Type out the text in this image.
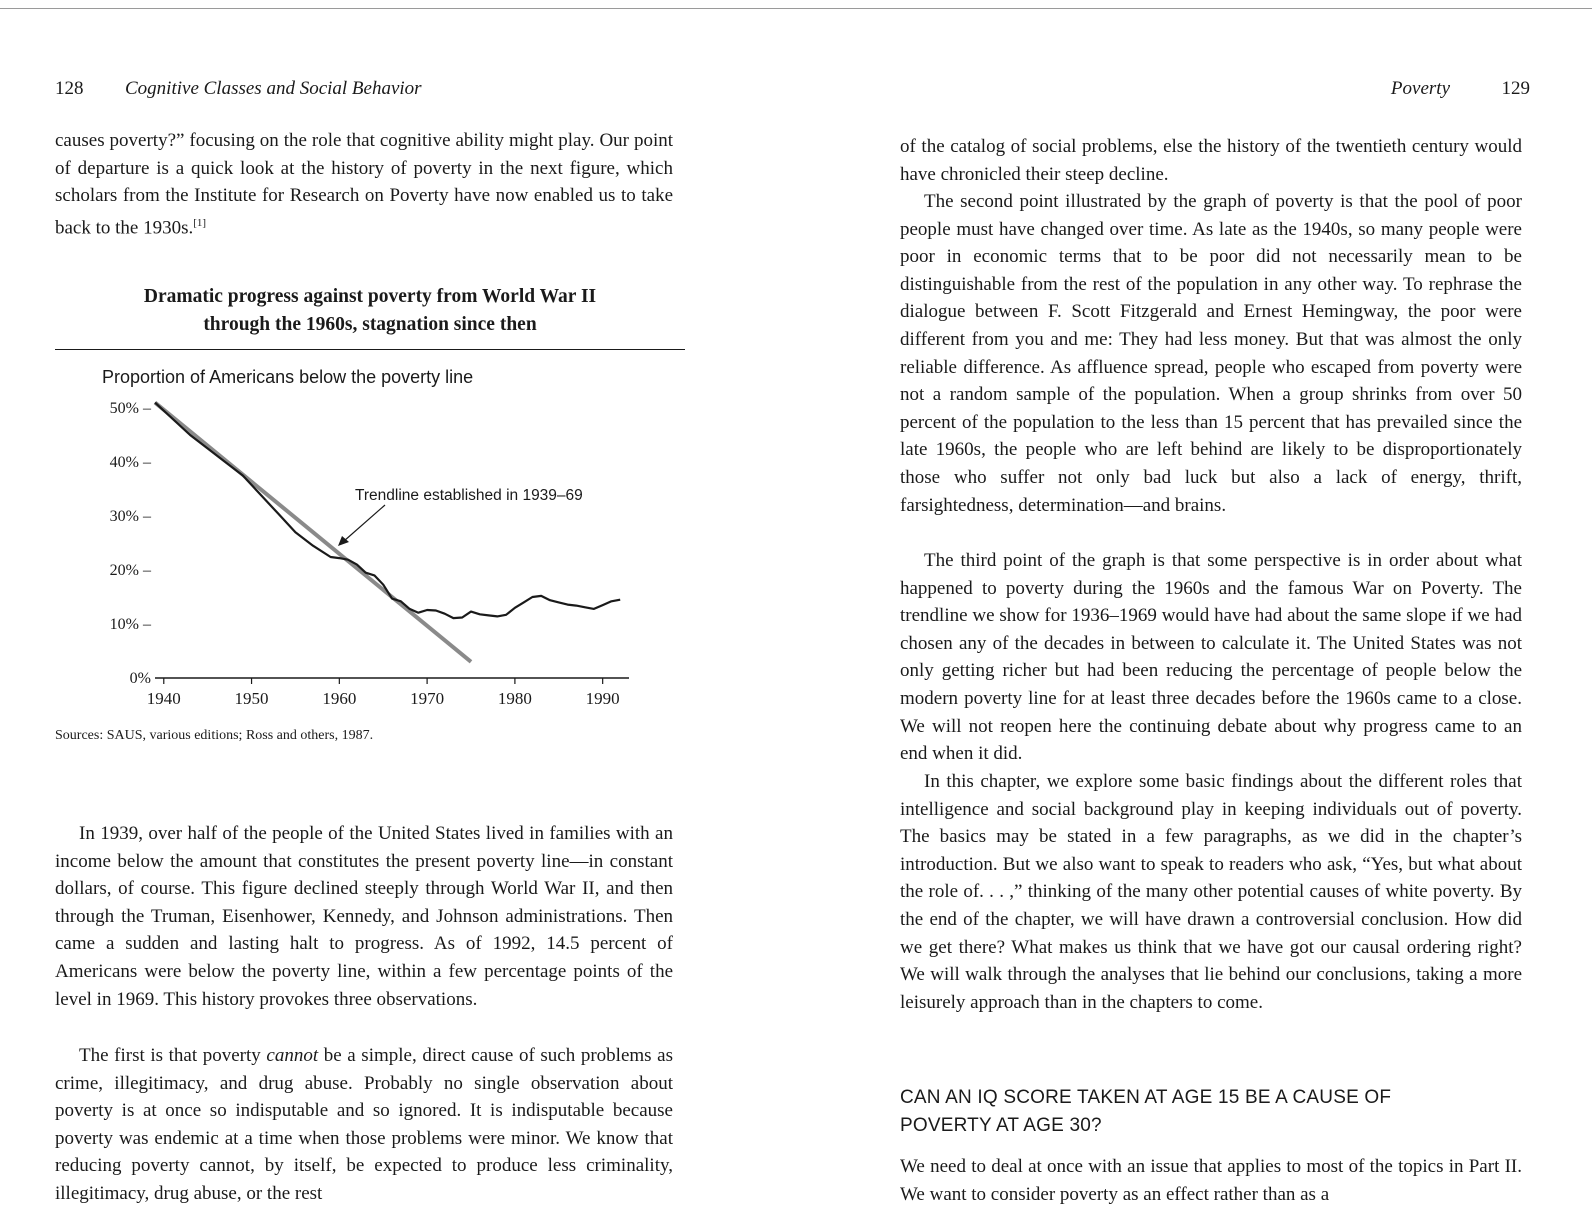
128 Cognitive Classes and Social Behavior

causes poverty?” focusing on the role that cognitive ability might play. Our point of departure is a quick look at the history of poverty in the next figure, which scholars from the Institute for Research on Poverty have now enabled us to take back to the 1930s.[1]

Dramatic progress against poverty from World War II
through the 1960s, stagnation since then
Proportion of Americans below the poverty line
1940	1950	1960	1970	1980	1990
0%
10% –
20% –
30% –
40% –
50% –
Trendline established in 1939–69
Sources: SAUS, various editions; Ross and others, 1987.

In 1939, over half of the people of the United States lived in families with an income below the amount that constitutes the present poverty line—in constant dollars, of course. This figure declined steeply through World War II, and then through the Truman, Eisenhower, Kennedy, and Johnson administrations. Then came a sudden and lasting halt to progress. As of 1992, 14.5 percent of Americans were below the poverty line, within a few percentage points of the level in 1969. This history provokes three observations.

The first is that poverty cannot be a simple, direct cause of such problems as crime, illegitimacy, and drug abuse. Probably no single observation about poverty is at once so indisputable and so ignored. It is indisputable because poverty was endemic at a time when those problems were minor. We know that reducing poverty cannot, by itself, be expected to produce less criminality, illegitimacy, drug abuse, or the rest

Poverty	129

of the catalog of social problems, else the history of the twentieth century would have chronicled their steep decline.

The second point illustrated by the graph of poverty is that the pool of poor people must have changed over time. As late as the 1940s, so many people were poor in economic terms that to be poor did not necessarily mean to be distinguishable from the rest of the population in any other way. To rephrase the dialogue between F. Scott Fitzgerald and Ernest Hemingway, the poor were different from you and me: They had less money. But that was almost the only reliable difference. As affluence spread, people who escaped from poverty were not a random sample of the population. When a group shrinks from over 50 percent of the population to the less than 15 percent that has prevailed since the late 1960s, the people who are left behind are likely to be disproportionately those who suffer not only bad luck but also a lack of energy, thrift, farsightedness, determination—and brains.

The third point of the graph is that some perspective is in order about what happened to poverty during the 1960s and the famous War on Poverty. The trendline we show for 1936–1969 would have had about the same slope if we had chosen any of the decades in between to calculate it. The United States was not only getting richer but had been reducing the percentage of people below the modern poverty line for at least three decades before the 1960s came to a close. We will not reopen here the continuing debate about why progress came to an end when it did.

In this chapter, we explore some basic findings about the different roles that intelligence and social background play in keeping individuals out of poverty. The basics may be stated in a few paragraphs, as we did in the chapter’s introduction. But we also want to speak to readers who ask, “Yes, but what about the role of. . . ,” thinking of the many other potential causes of white poverty. By the end of the chapter, we will have drawn a controversial conclusion. How did we get there? What makes us think that we have got our causal ordering right? We will walk through the analyses that lie behind our conclusions, taking a more leisurely approach than in the chapters to come.

CAN AN IQ SCORE TAKEN AT AGE 15 BE A CAUSE OF
POVERTY AT AGE 30?

We need to deal at once with an issue that applies to most of the topics in Part II. We want to consider poverty as an effect rather than as a
